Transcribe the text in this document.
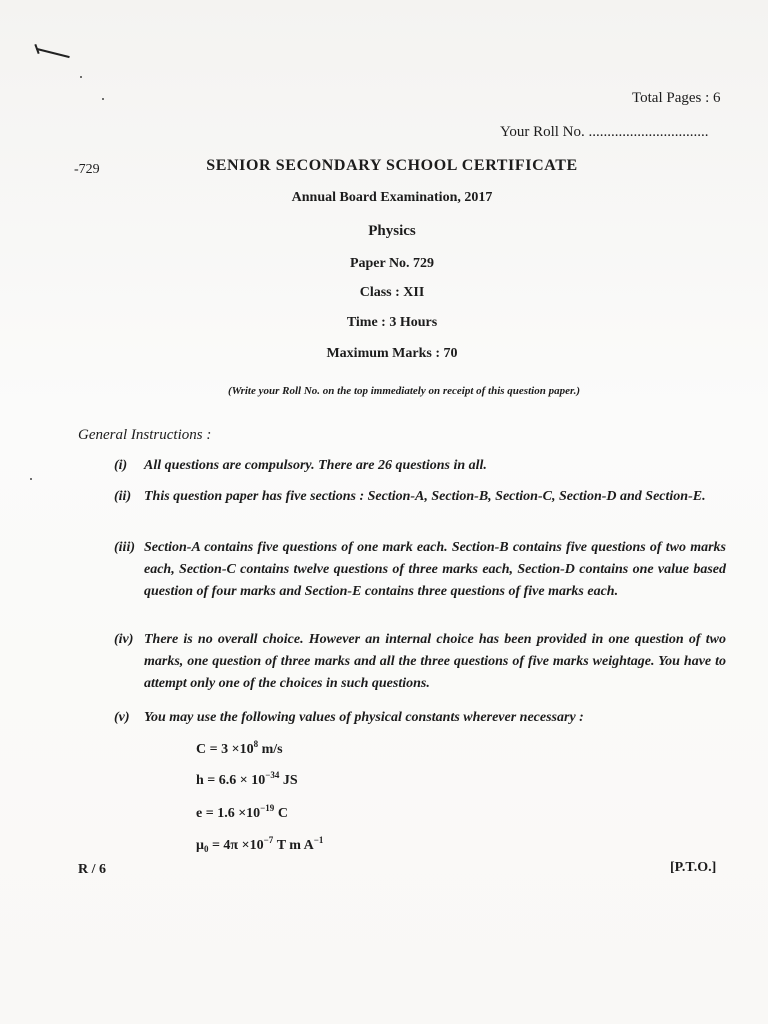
Total Pages : 6
Your Roll No. ................................
-729	SENIOR SECONDARY SCHOOL CERTIFICATE
Annual Board Examination, 2017
Physics
Paper No. 729
Class : XII
Time : 3 Hours
Maximum Marks : 70
(Write your Roll No. on the top immediately on receipt of this question paper.)
General Instructions :
(i)	All questions are compulsory. There are 26 questions in all.
(ii) This question paper has five sections : Section-A, Section-B, Section-C, Section-D and Section-E.
(iii) Section-A contains five questions of one mark each. Section-B contains five questions of two marks each, Section-C contains twelve questions of three marks each, Section-D contains one value based question of four marks and Section-E contains three questions of five marks each.
(iv) There is no overall choice. However an internal choice has been provided in one question of two marks, one question of three marks and all the three questions of five marks weightage. You have to attempt only one of the choices in such questions.
(v)	You may use the following values of physical constants wherever necessary :
$C = 3 \times 10^8$ m/s
$h = 6.6 \times 10^{-34}$ JS
$e = 1.6 \times 10^{-19}$ C
$\mu_0 = 4\pi \times 10^{-7}$ T m $A^{-1}$
R / 6	[P.T.O.]
